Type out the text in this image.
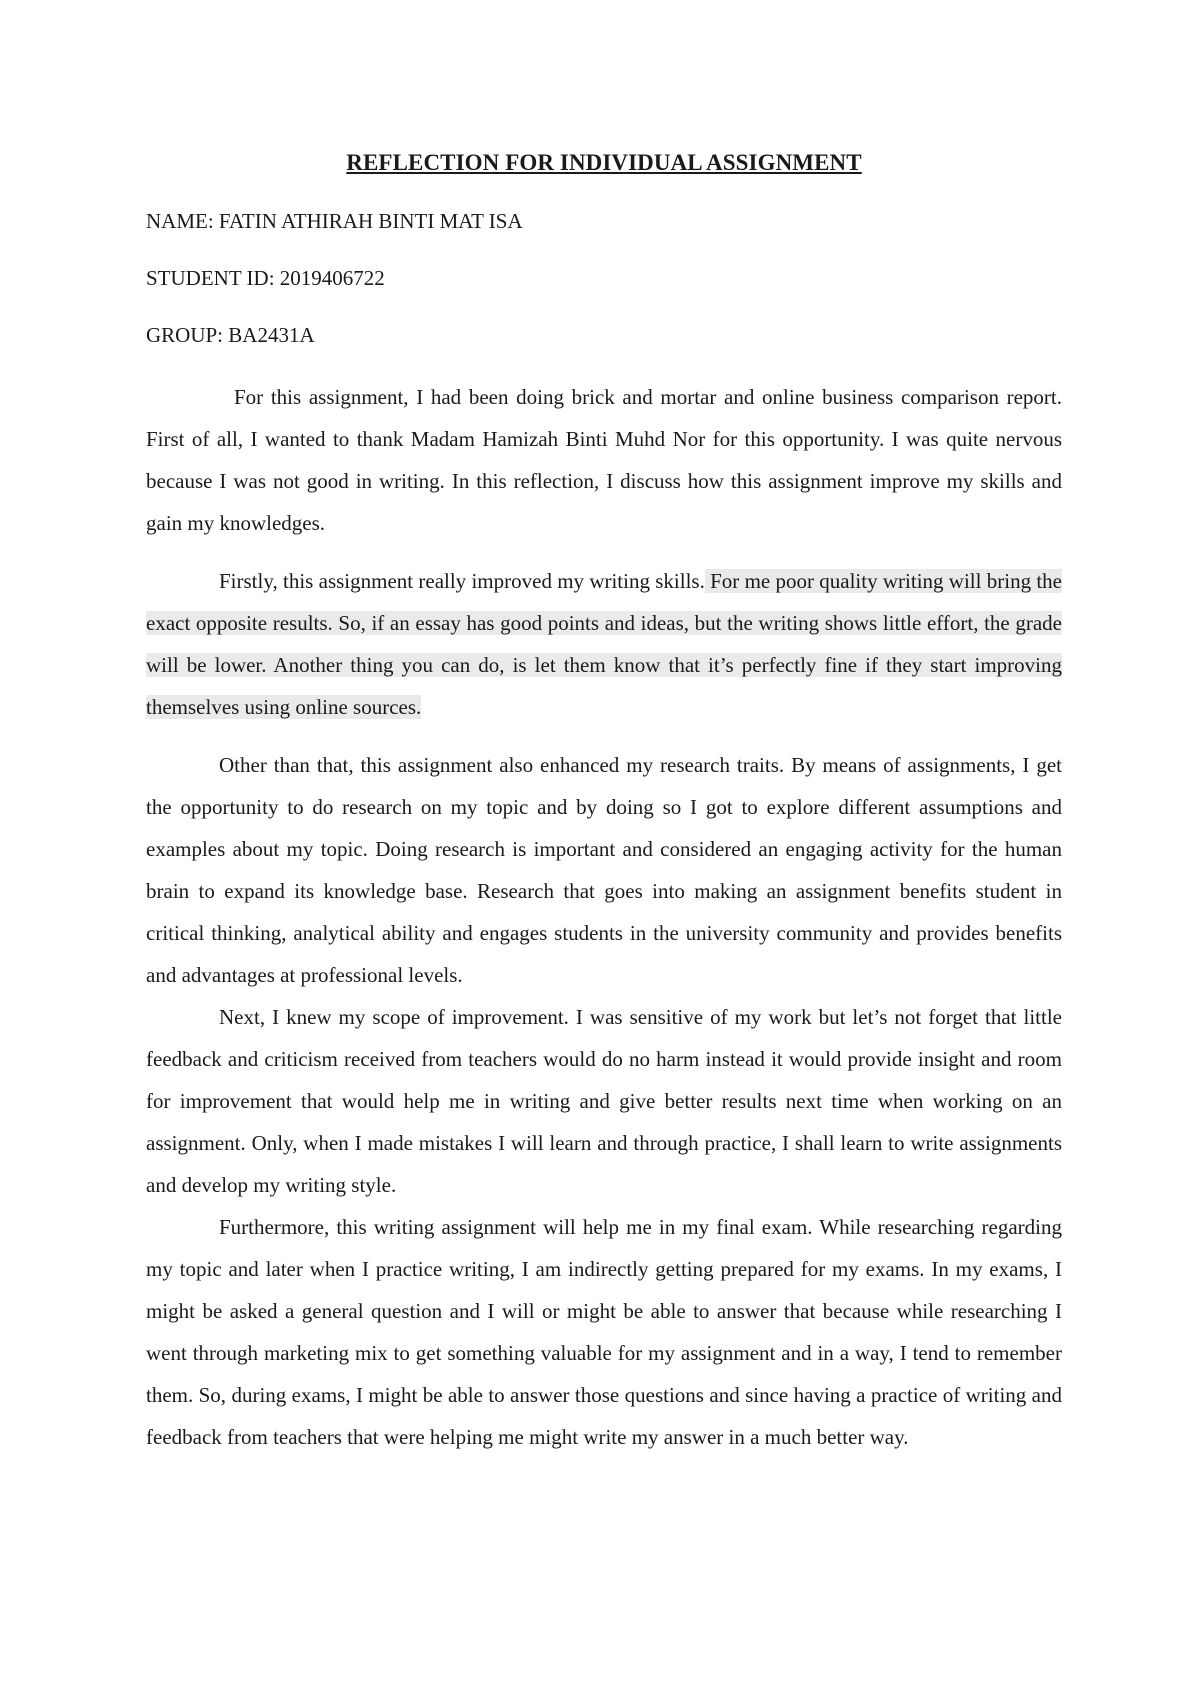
REFLECTION FOR INDIVIDUAL ASSIGNMENT

NAME: FATIN ATHIRAH BINTI MAT ISA

STUDENT ID: 2019406722

GROUP: BA2431A

For this assignment, I had been doing brick and mortar and online business comparison report. First of all, I wanted to thank Madam Hamizah Binti Muhd Nor for this opportunity. I was quite nervous because I was not good in writing. In this reflection, I discuss how this assignment improve my skills and gain my knowledges.

Firstly, this assignment really improved my writing skills. For me poor quality writing will bring the exact opposite results. So, if an essay has good points and ideas, but the writing shows little effort, the grade will be lower. Another thing you can do, is let them know that it’s perfectly fine if they start improving themselves using online sources.

Other than that, this assignment also enhanced my research traits. By means of assignments, I get the opportunity to do research on my topic and by doing so I got to explore different assumptions and examples about my topic. Doing research is important and considered an engaging activity for the human brain to expand its knowledge base. Research that goes into making an assignment benefits student in critical thinking, analytical ability and engages students in the university community and provides benefits and advantages at professional levels.

Next, I knew my scope of improvement. I was sensitive of my work but let’s not forget that little feedback and criticism received from teachers would do no harm instead it would provide insight and room for improvement that would help me in writing and give better results next time when working on an assignment. Only, when I made mistakes I will learn and through practice, I shall learn to write assignments and develop my writing style.

Furthermore, this writing assignment will help me in my final exam. While researching regarding my topic and later when I practice writing, I am indirectly getting prepared for my exams. In my exams, I might be asked a general question and I will or might be able to answer that because while researching I went through marketing mix to get something valuable for my assignment and in a way, I tend to remember them. So, during exams, I might be able to answer those questions and since having a practice of writing and feedback from teachers that were helping me might write my answer in a much better way.
